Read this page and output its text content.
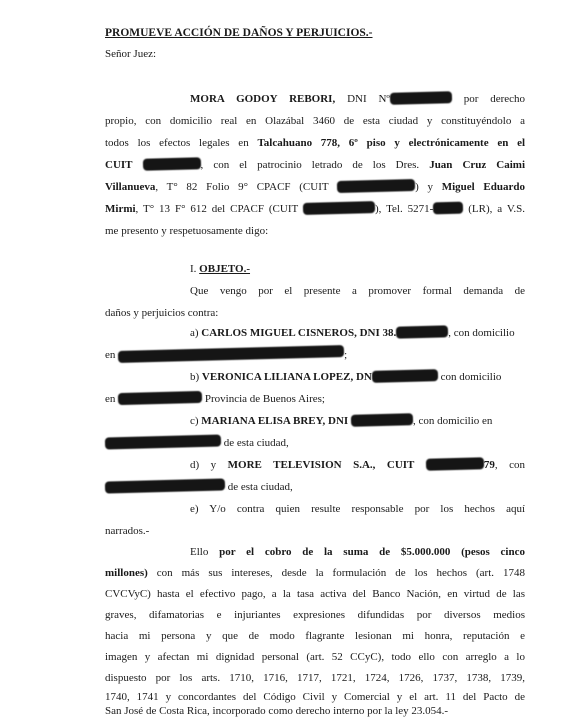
PROMUEVE ACCIÓN DE DAÑOS Y PERJUICIOS.-
Señor Juez:
MORA GODOY REBORI, DNI Nº	por derecho
propio, con domicilio real en Olazábal 3460 de esta ciudad y constituyéndolo a
todos los efectos legales en Talcahuano 778, 6º piso y electrónicamente en el
CUIT	, con el patrocinio letrado de los Dres. Juan Cruz Caimi
Villanueva, T° 82 Folio 9° CPACF (CUIT	) y Miguel Eduardo
Mirmi, T° 13 F° 612 del CPACF (CUIT	), Tel. 5271-	(LR), a V.S.
me presento y respetuosamente digo:
I. OBJETO.-
Que vengo por el presente a promover formal demanda de
daños y perjuicios contra:
a) CARLOS MIGUEL CISNEROS, DNI 38.	, con domicilio
en	;
b) VERONICA LILIANA LOPEZ, DN	con domicilio
en	Provincia de Buenos Aires;
c) MARIANA ELISA BREY, DNI	, con domicilio en
de esta ciudad,
d) y MORE TELEVISION S.A., CUIT	79, con
de esta ciudad,
e) Y/o contra quien resulte responsable por los hechos aquí
narrados.-
Ello por el cobro de la suma de $5.000.000 (pesos cinco
millones) con más sus intereses, desde la formulación de los hechos (art. 1748
CVCVyC) hasta el efectivo pago, a la tasa activa del Banco Nación, en virtud de las
graves, difamatorias e injuriantes expresiones difundidas por diversos medios
hacia mi persona y que de modo flagrante lesionan mi honra, reputación e
imagen y afectan mi dignidad personal (art. 52 CCyC), todo ello con arreglo a lo
dispuesto por los arts. 1710, 1716, 1717, 1721, 1724, 1726, 1737, 1738, 1739,
1740, 1741 y concordantes del Código Civil y Comercial y el art. 11 del Pacto de
San José de Costa Rica, incorporado como derecho interno por la ley 23.054.-
